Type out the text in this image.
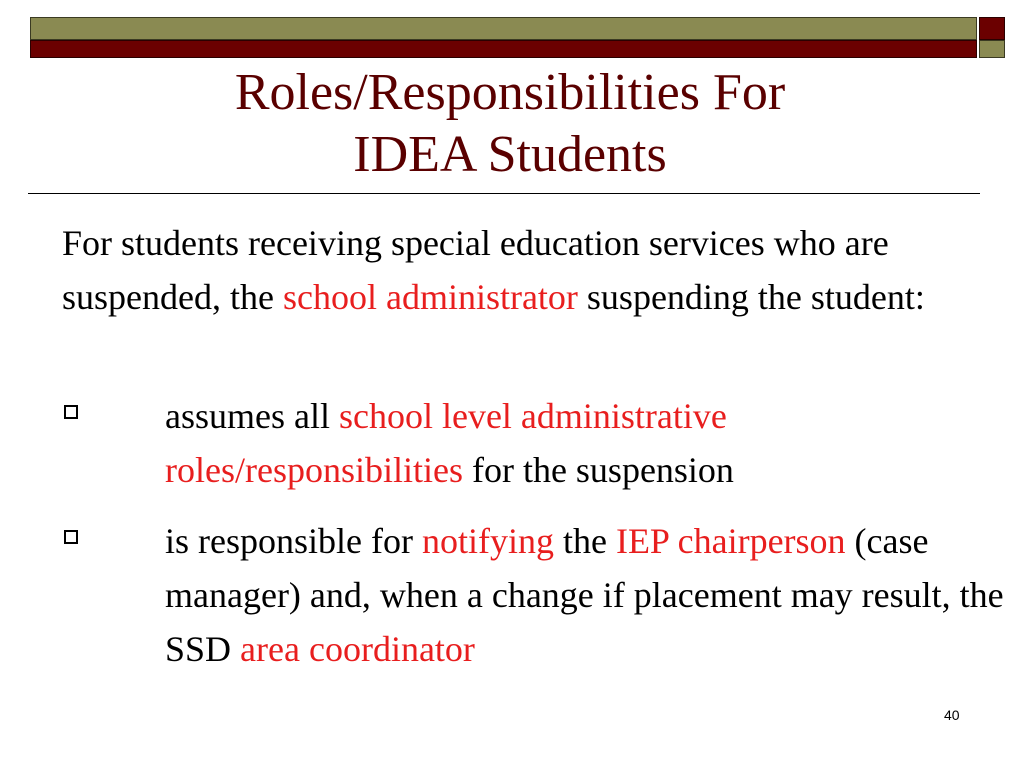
Roles/Responsibilities For
IDEA Students
For students receiving special education services who are suspended, the school administrator suspending the student:
assumes all school level administrative roles/responsibilities for the suspension
is responsible for notifying the IEP chairperson (case manager) and, when a change if placement may result, the SSD area coordinator
40
